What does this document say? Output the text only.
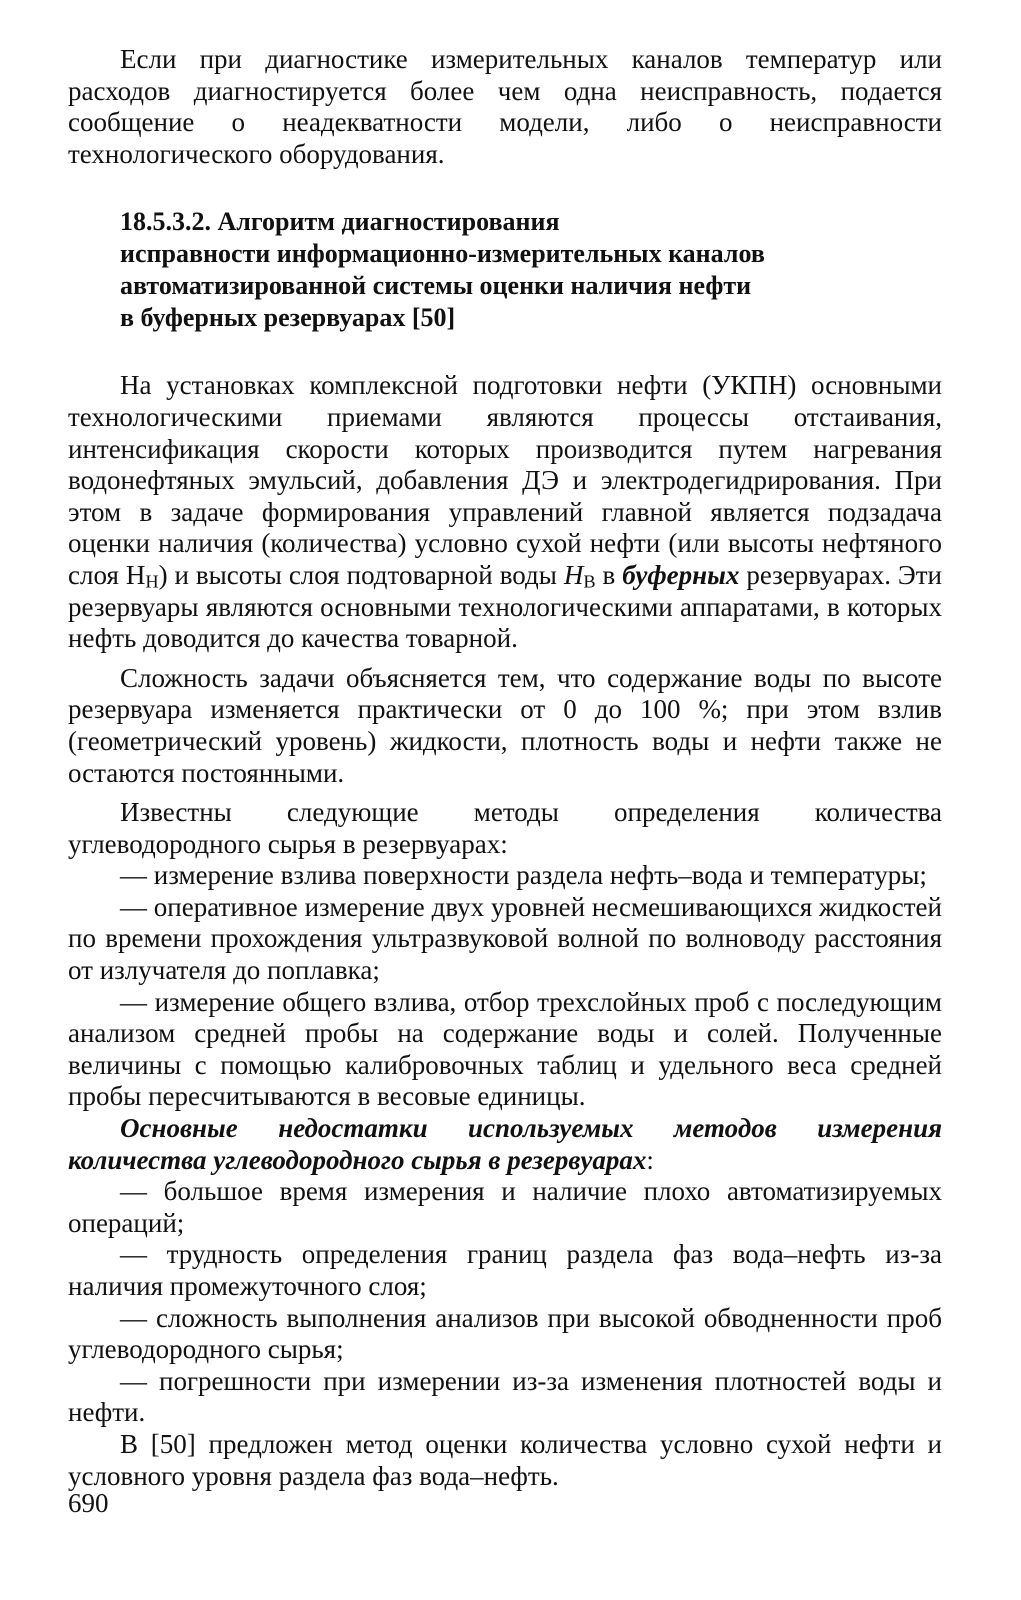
Если при диагностике измерительных каналов температур или расходов диагностируется более чем одна неисправность, подается сообщение о неадекватности модели, либо о неисправности технологического оборудования.

18.5.3.2. Алгоритм диагностирования
исправности информационно-измерительных каналов
автоматизированной системы оценки наличия нефти
в буферных резервуарах [50]

На установках комплексной подготовки нефти (УКПН) основными технологическими приемами являются процессы отстаивания, интенсификация скорости которых производится путем нагревания водонефтяных эмульсий, добавления ДЭ и электродегидрирования. При этом в задаче формирования управлений главной является подзадача оценки наличия (количества) условно сухой нефти (или высоты нефтяного слоя $H_H$) и высоты слоя подтоварной воды $H_B$ в буферных резервуарах. Эти резервуары являются основными технологическими аппаратами, в которых нефть доводится до качества товарной.

Сложность задачи объясняется тем, что содержание воды по высоте резервуара изменяется практически от 0 до 100 %; при этом взлив (геометрический уровень) жидкости, плотность воды и нефти также не остаются постоянными.

Известны следующие методы определения количества углеводородного сырья в резервуарах:

— измерение взлива поверхности раздела нефть–вода и температуры;

— оперативное измерение двух уровней несмешивающихся жидкостей по времени прохождения ультразвуковой волной по волноводу расстояния от излучателя до поплавка;

— измерение общего взлива, отбор трехслойных проб с последующим анализом средней пробы на содержание воды и солей. Полученные величины с помощью калибровочных таблиц и удельного веса средней пробы пересчитываются в весовые единицы.

Основные недостатки используемых методов измерения количества углеводородного сырья в резервуарах:

— большое время измерения и наличие плохо автоматизируемых операций;

— трудность определения границ раздела фаз вода–нефть из-за наличия промежуточного слоя;

— сложность выполнения анализов при высокой обводненности проб углеводородного сырья;

— погрешности при измерении из-за изменения плотностей воды и нефти.

В [50] предложен метод оценки количества условно сухой нефти и условного уровня раздела фаз вода–нефть.

690
